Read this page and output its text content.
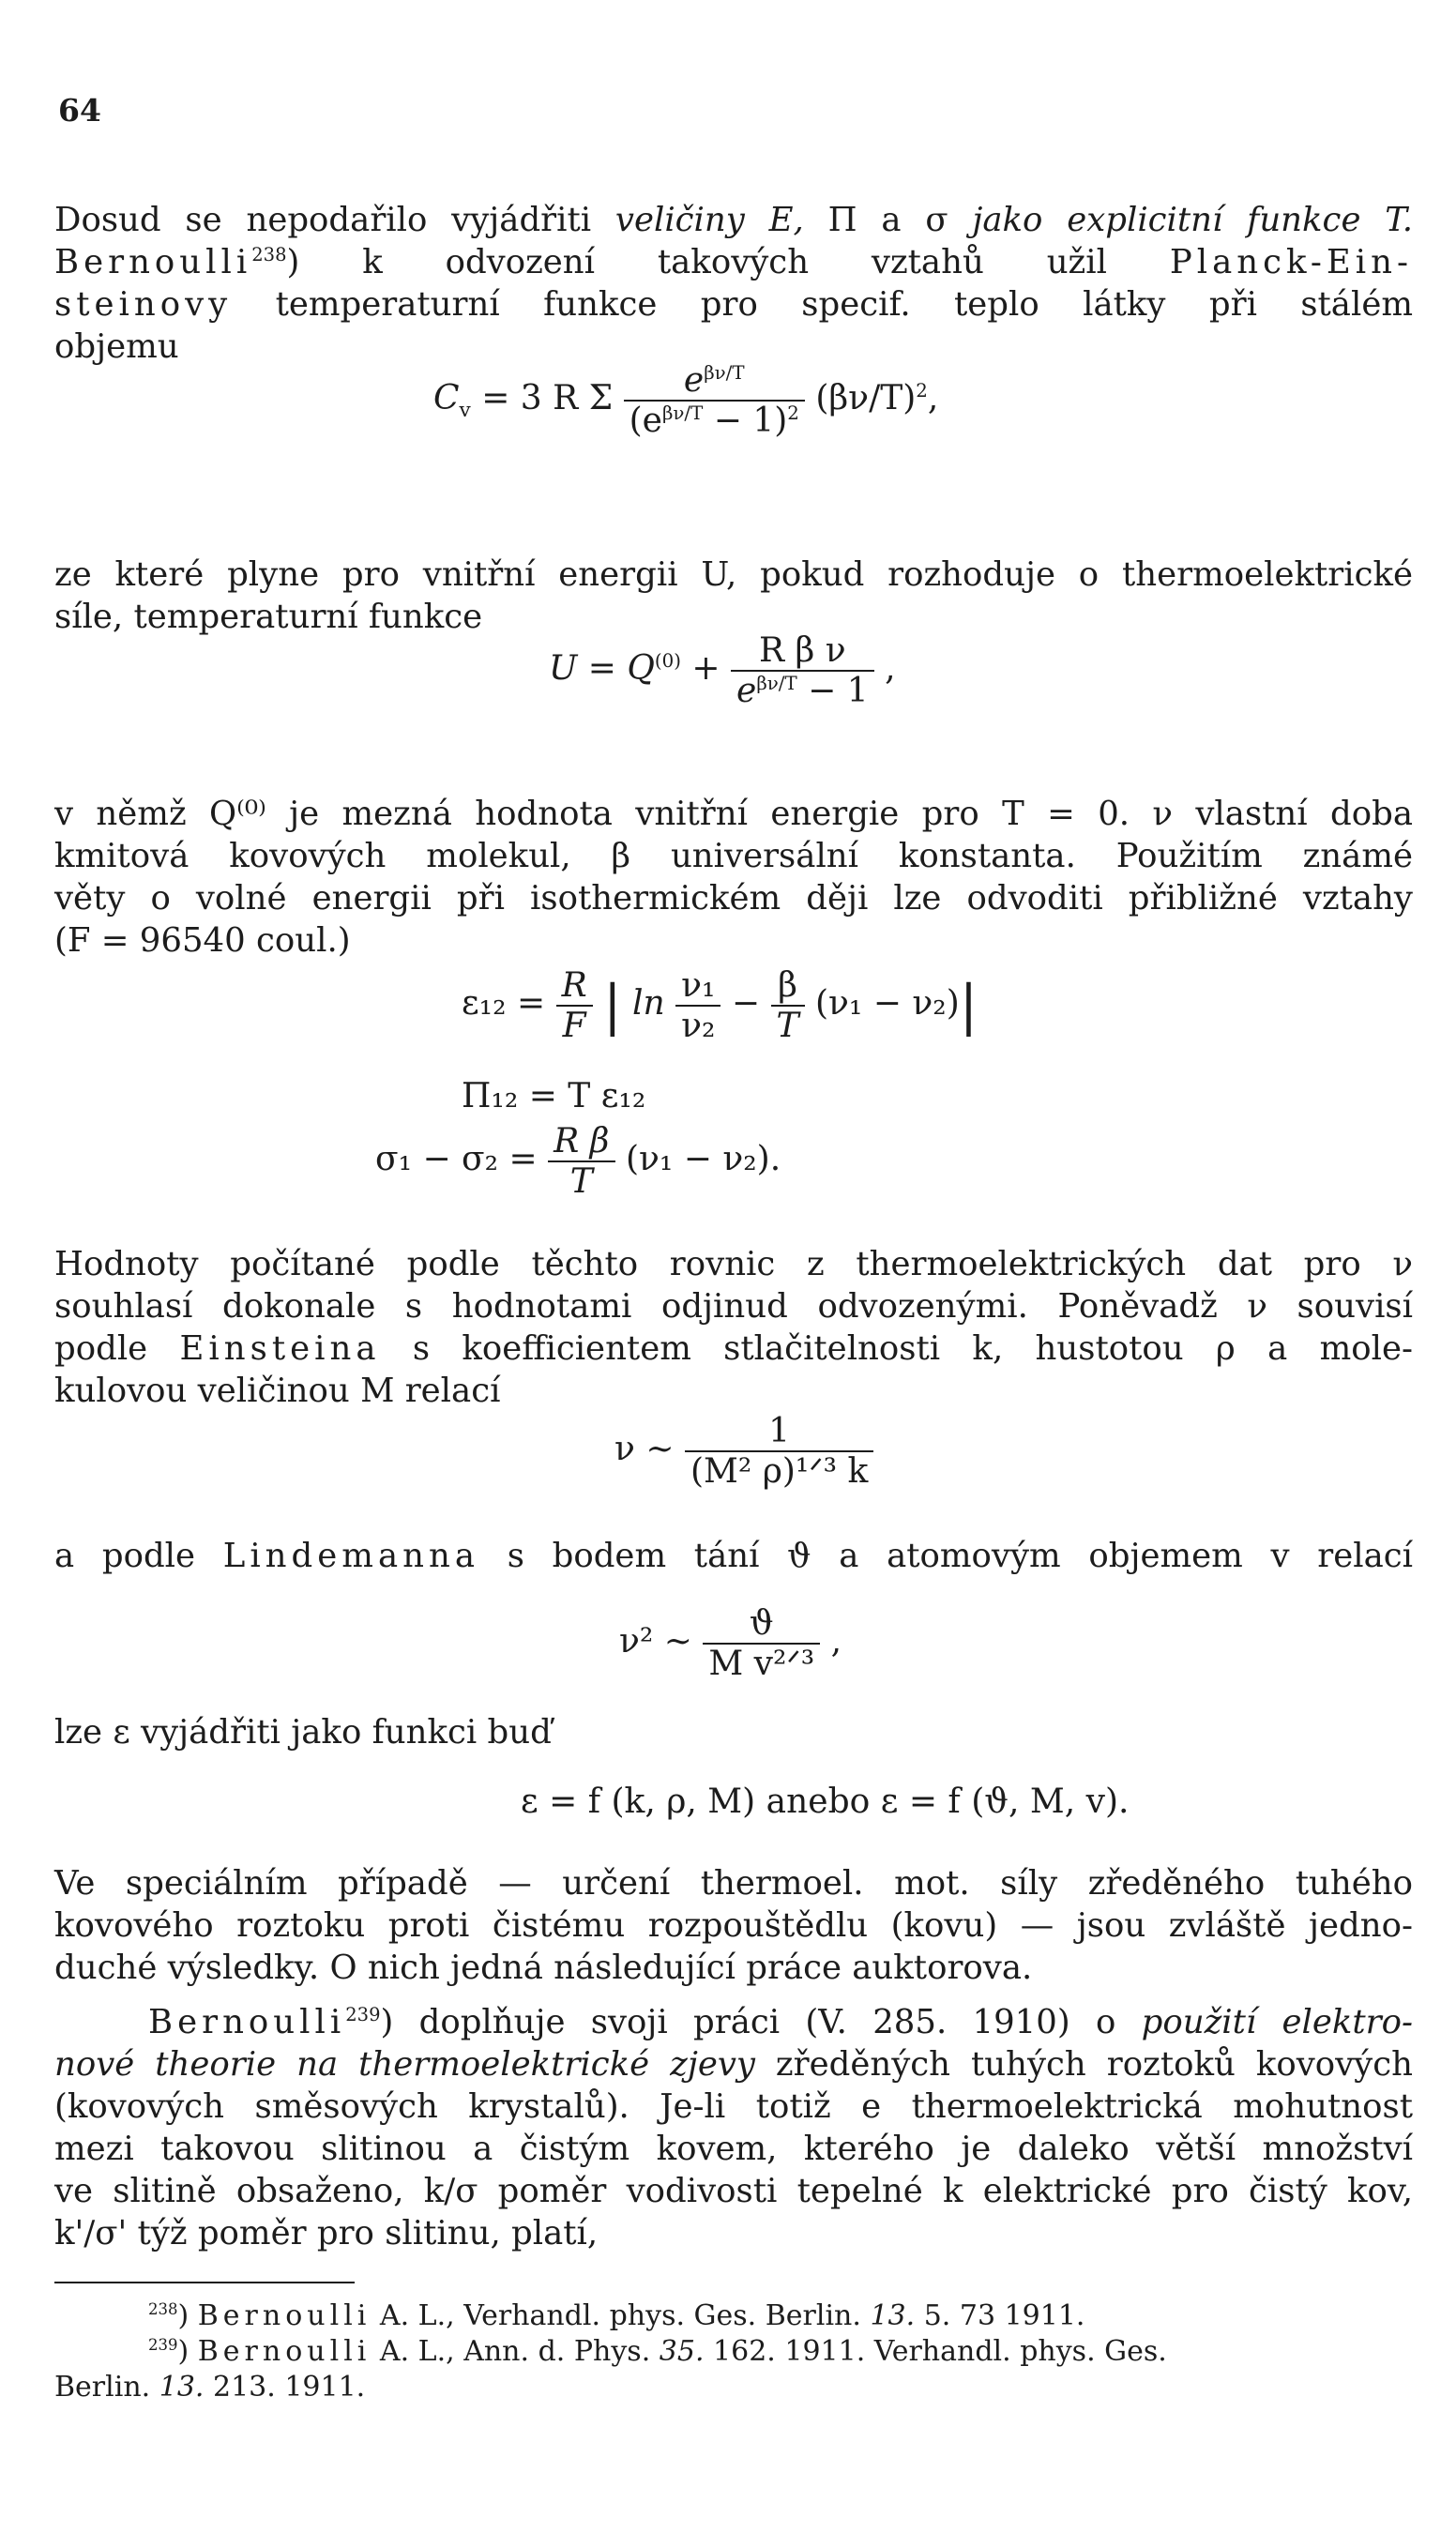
64
Dosud se nepodařilo vyjádřiti veličiny E, Π a σ jako explicitní funkce T.
Bernoulli$^{238}$) k odvození takových vztahů užil Planck-Ein-
steinovy temperaturní funkce pro specif. teplo látky při stálém
objemu
$C_v = 3$ R Σ $\frac{e^{\beta\nu/T}}{(e^{\beta\nu/T} - 1)^2} (\beta\nu/T)^2$,
ze které plyne pro vnitřní energii U, pokud rozhoduje o thermoelektrické
síle, temperaturní funkce
$U = Q^{(0)} + \frac{\text{R β ν}}{e^{\beta\nu/T} - 1}$ ,
v němž Q⁽⁰⁾ je mezná hodnota vnitřní energie pro T = 0. ν vlastní doba
kmitová kovových molekul, β universální konstanta. Použitím známé
věty o volné energii při isothermickém ději lze odvoditi přibližné vztahy
(F = 96540 coul.)
$\varepsilon_{12} = \frac{R}{F}$ | $\ln \frac{\text{ν₁}}{\text{ν₂}} - \frac{\beta}{T} (\nu_1 - \nu_2)|$
Π₁₂ = T ε₁₂
$\sigma_1 - \sigma_2 = \frac{\text{R β}}{T} (\nu_1 - \nu_2)$.
Hodnoty počítané podle těchto rovnic z thermoelektrických dat pro ν
souhlasí dokonale s hodnotami odjinud odvozenými. Poněvadž ν souvisí
podle Einsteina s koefficientem stlačitelnosti k, hustotou ρ a mole-
kulovou veličinou M relací
ν ∼ $\frac{1}{\text{(M² ρ)¹ᐟ³ k}}$
a podle Lindemanna s bodem tání ϑ a atomovým objemem v relací
ν² ∼ $\frac{ϑ}{\text{M v²ᐟ³}}$ ,
lze ε vyjádřiti jako funkci buď
ε = f (k, ρ, M) anebo ε = f (ϑ, M, v).
Ve speciálním případě — určení thermoel. mot. síly zředěného tuhého
kovového roztoku proti čistému rozpouštědlu (kovu) — jsou zvláště jedno-
duché výsledky. O nich jedná následující práce auktorova.
Bernoulli$^{239}$) doplňuje svoji práci (V. 285. 1910) o použití elektro-
nové theorie na thermoelektrické zjevy zředěných tuhých roztoků kovových
(kovových směsových krystalů). Je-li totiž e thermoelektrická mohutnost
mezi takovou slitinou a čistým kovem, kterého je daleko větší množství
ve slitině obsaženo, k/σ poměr vodivosti tepelné k elektrické pro čistý kov,
k'/σ' týž poměr pro slitinu, platí,
$^{238}$) Bernoulli A. L., Verhandl. phys. Ges. Berlin. 13. 5. 73 1911.
$^{239}$) Bernoulli A. L., Ann. d. Phys. 35. 162. 1911. Verhandl. phys. Ges.
Berlin. 13. 213. 1911.
